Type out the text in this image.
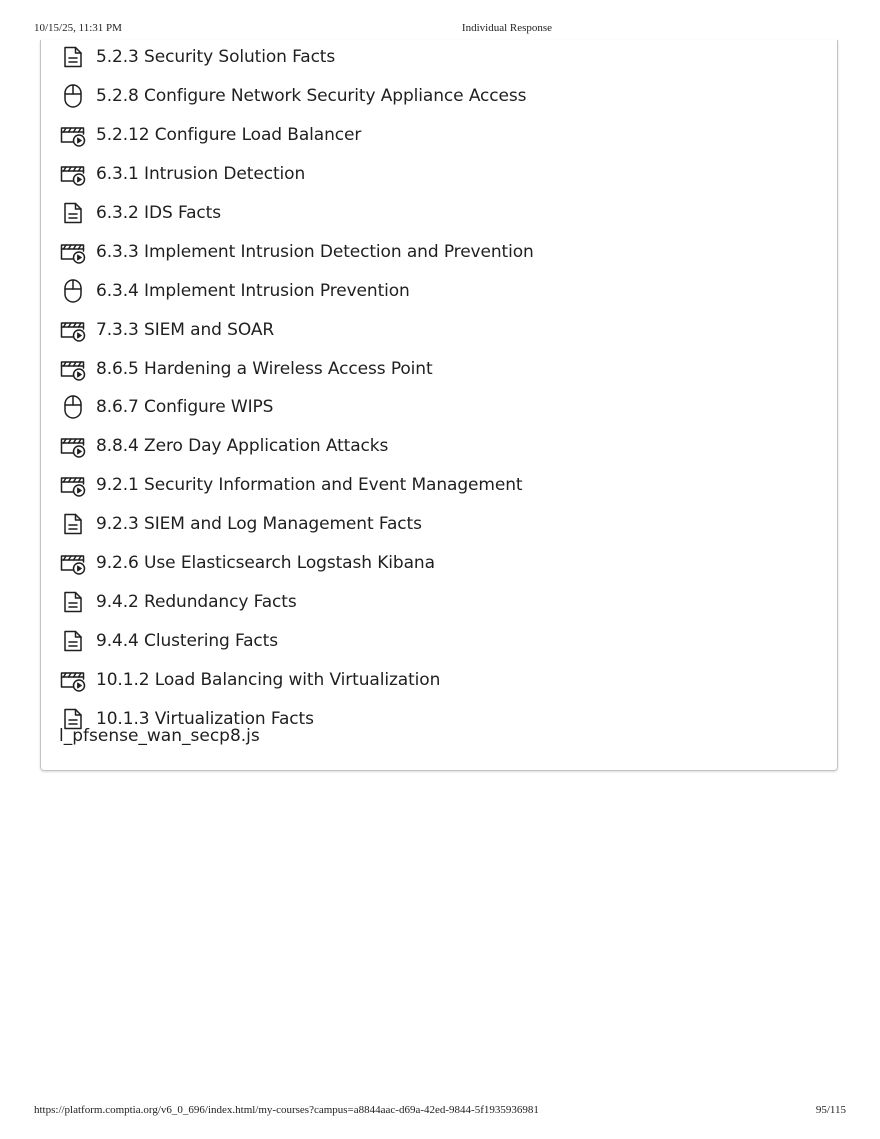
10/15/25, 11:31 PM	Individual Response
5.2.3 Security Solution Facts
5.2.8 Configure Network Security Appliance Access
5.2.12 Configure Load Balancer
6.3.1 Intrusion Detection
6.3.2 IDS Facts
6.3.3 Implement Intrusion Detection and Prevention
6.3.4 Implement Intrusion Prevention
7.3.3 SIEM and SOAR
8.6.5 Hardening a Wireless Access Point
8.6.7 Configure WIPS
8.8.4 Zero Day Application Attacks
9.2.1 Security Information and Event Management
9.2.3 SIEM and Log Management Facts
9.2.6 Use Elasticsearch Logstash Kibana
9.4.2 Redundancy Facts
9.4.4 Clustering Facts
10.1.2 Load Balancing with Virtualization
10.1.3 Virtualization Facts
l_pfsense_wan_secp8.js
https://platform.comptia.org/v6_0_696/index.html/my-courses?campus=a8844aac-d69a-42ed-9844-5f1935936981	95/115
